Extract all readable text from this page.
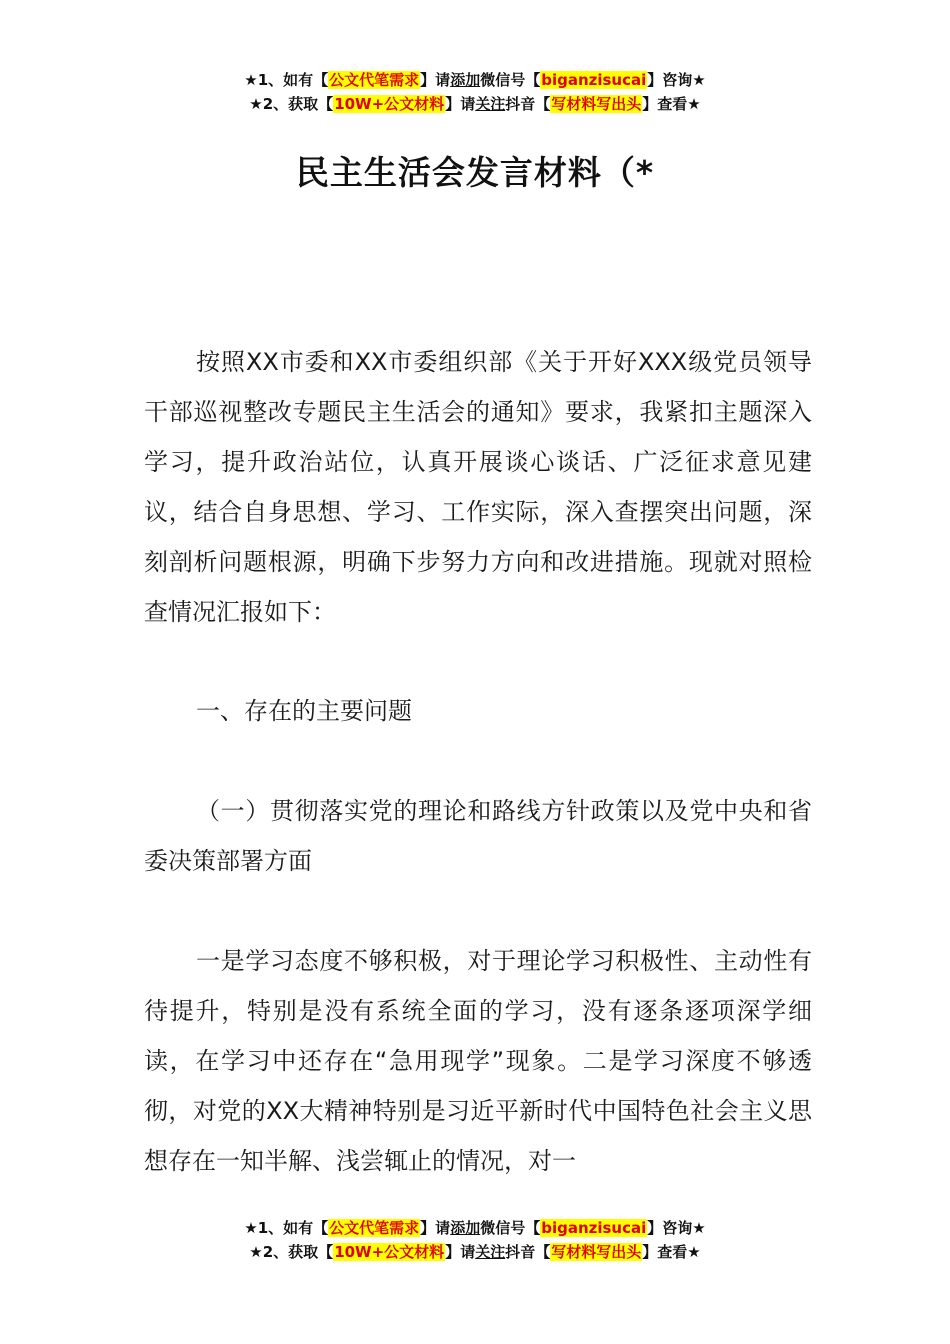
★1、如有【公文代笔需求】请添加微信号【biganzisucai】咨询★
★2、获取【10W+公文材料】请关注抖音【写材料写出头】查看★
民主生活会发言材料（*
按照XX市委和XX市委组织部《关于开好XXX级党员领导干部巡视整改专题民主生活会的通知》要求，我紧扣主题深入学习，提升政治站位，认真开展谈心谈话、广泛征求意见建议，结合自身思想、学习、工作实际，深入查摆突出问题，深刻剖析问题根源，明确下步努力方向和改进措施。现就对照检查情况汇报如下：
一、存在的主要问题
（一）贯彻落实党的理论和路线方针政策以及党中央和省委决策部署方面
一是学习态度不够积极，对于理论学习积极性、主动性有待提升，特别是没有系统全面的学习，没有逐条逐项深学细读，在学习中还存在“急用现学”现象。二是学习深度不够透彻，对党的XX大精神特别是习近平新时代中国特色社会主义思想存在一知半解、浅尝辄止的情况，对一
★1、如有【公文代笔需求】请添加微信号【biganzisucai】咨询★
★2、获取【10W+公文材料】请关注抖音【写材料写出头】查看★
